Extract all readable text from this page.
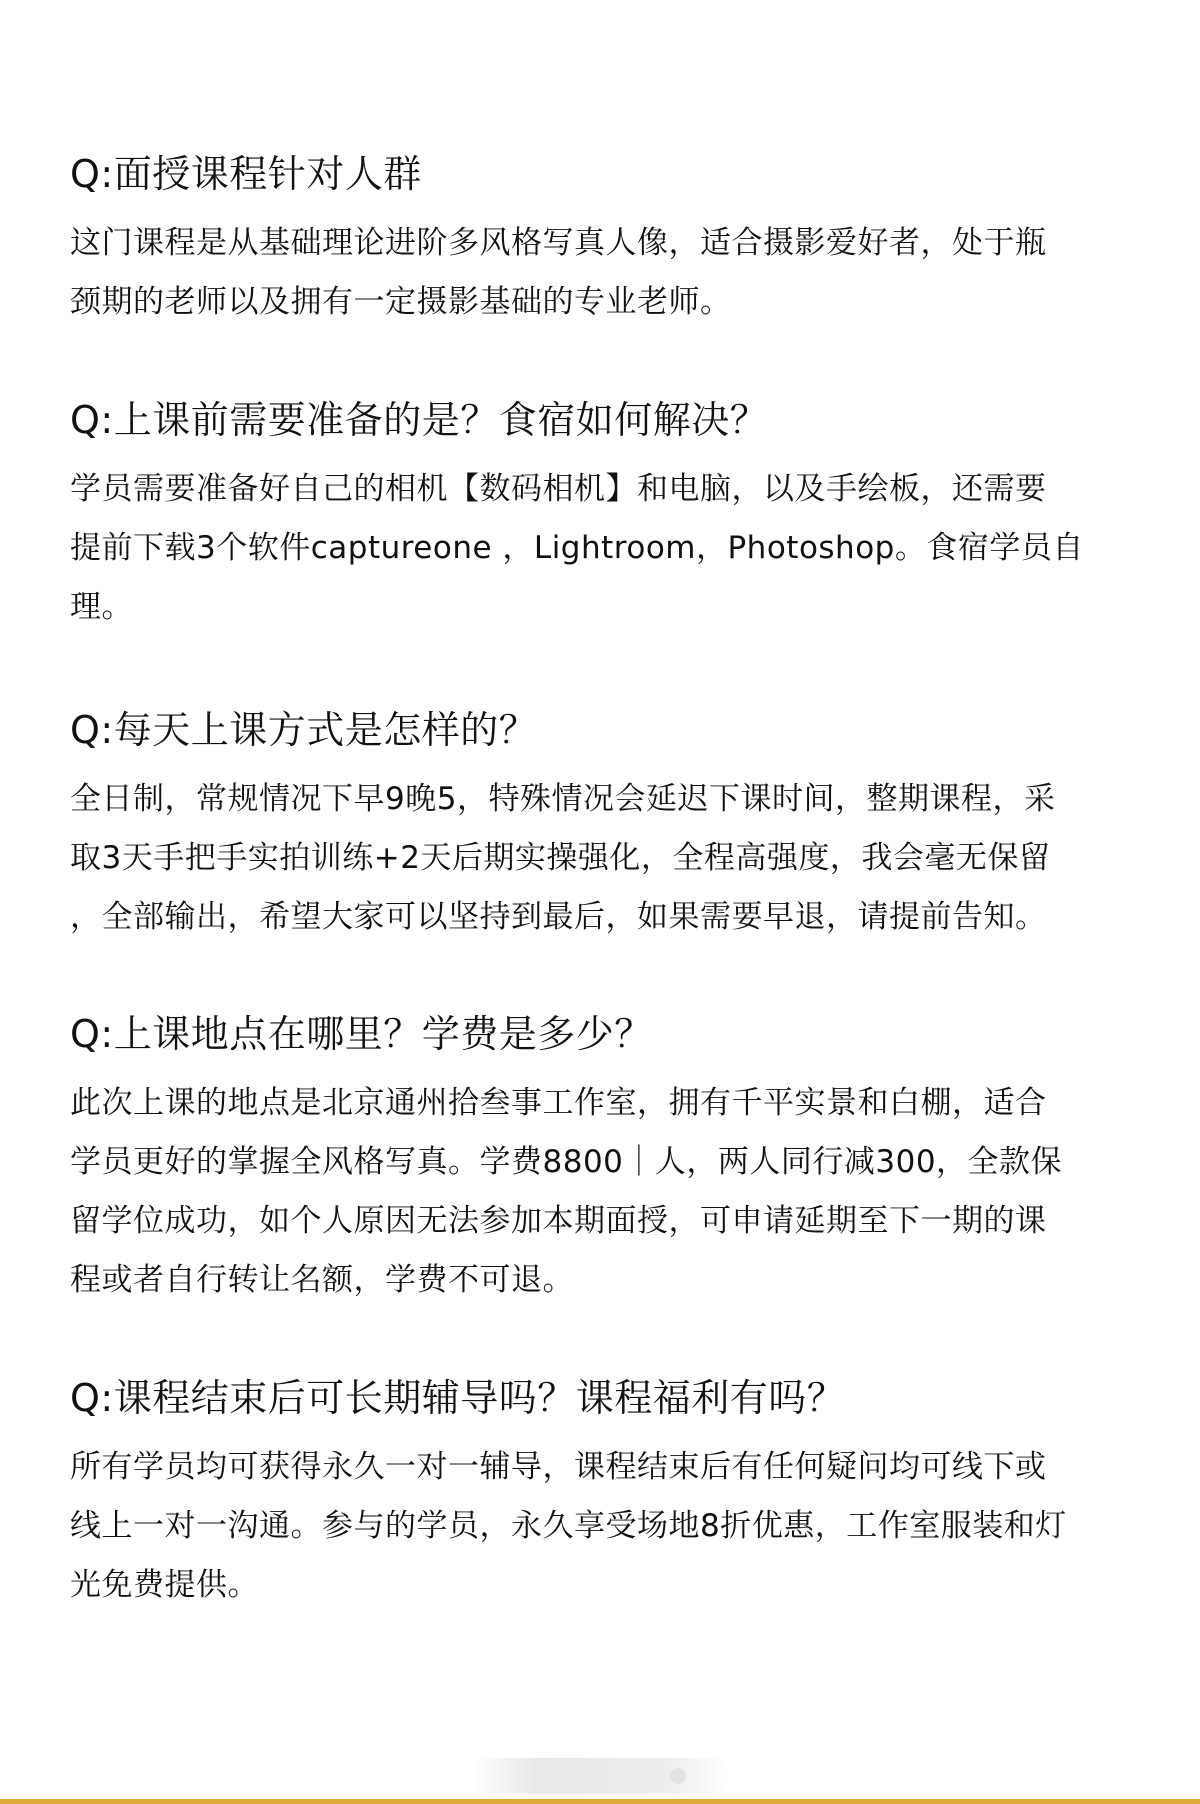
Q:面授课程针对人群

这门课程是从基础理论进阶多风格写真人像，适合摄影爱好者，处于瓶
颈期的老师以及拥有一定摄影基础的专业老师。

Q:上课前需要准备的是？食宿如何解决？

学员需要准备好自己的相机【数码相机】和电脑，以及手绘板，还需要
提前下载3个软件captureone ，Lightroom，Photoshop。食宿学员自
理。

Q:每天上课方式是怎样的？

全日制，常规情况下早9晚5，特殊情况会延迟下课时间，整期课程，采
取3天手把手实拍训练+2天后期实操强化，全程高强度，我会毫无保留
，全部输出，希望大家可以坚持到最后，如果需要早退，请提前告知。

Q:上课地点在哪里？学费是多少？

此次上课的地点是北京通州拾叁事工作室，拥有千平实景和白棚，适合
学员更好的掌握全风格写真。学费8800｜人，两人同行减300，全款保
留学位成功，如个人原因无法参加本期面授，可申请延期至下一期的课
程或者自行转让名额，学费不可退。

Q:课程结束后可长期辅导吗？课程福利有吗？

所有学员均可获得永久一对一辅导，课程结束后有任何疑问均可线下或
线上一对一沟通。参与的学员，永久享受场地8折优惠，工作室服装和灯
光免费提供。
